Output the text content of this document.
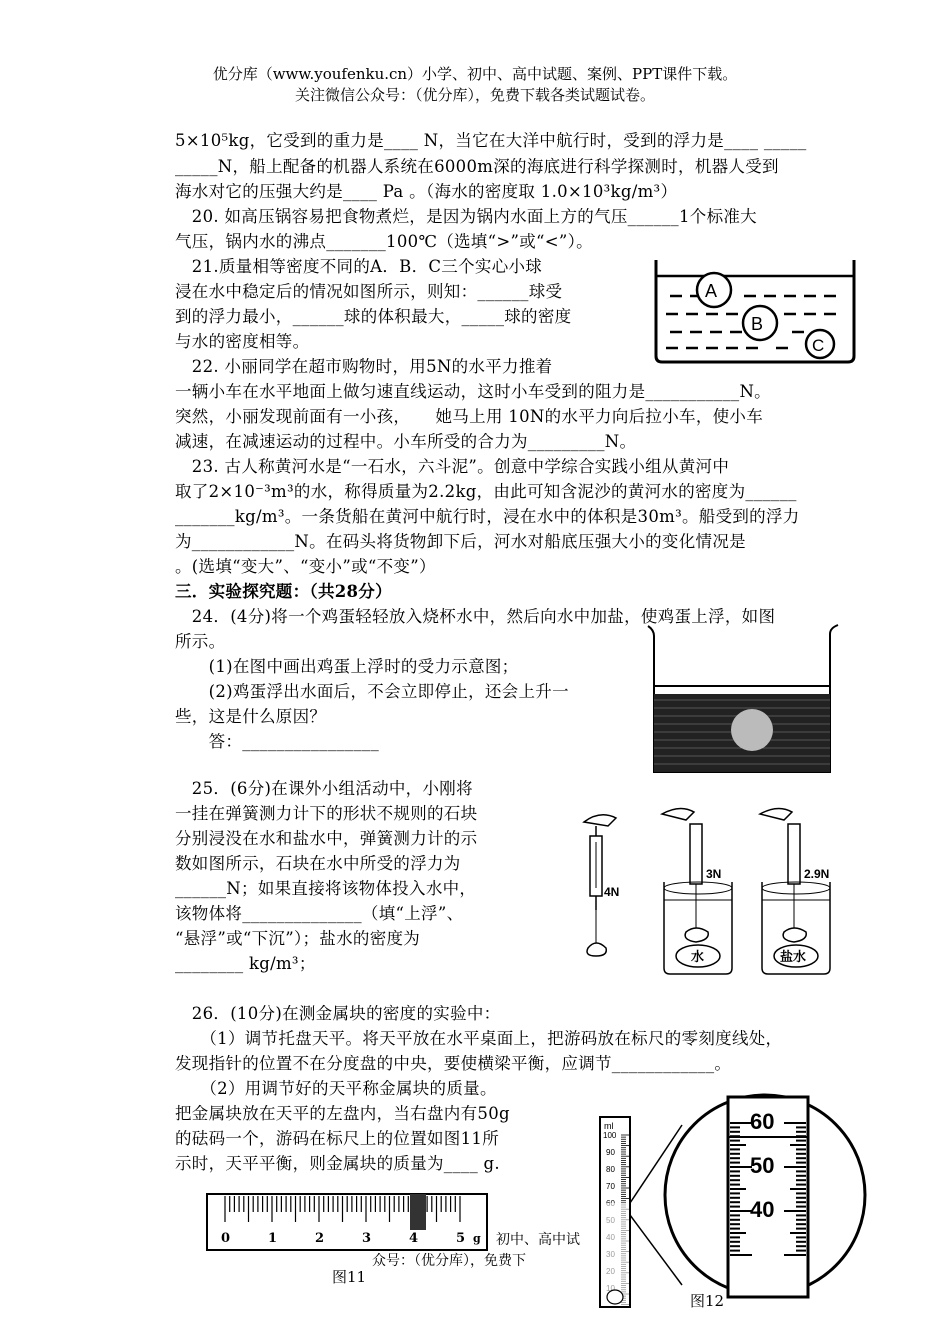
优分库（www.youfenku.cn）小学、初中、高中试题、案例、PPT课件下载。
关注微信公众号：（优分库），免费下载各类试题试卷。
5×10⁵kg，它受到的重力是____ N，当它在大洋中航行时，受到的浮力是____ _____
_____N，船上配备的机器人系统在6000m深的海底进行科学探测时，机器人受到
海水对它的压强大约是____ Pa 。（海水的密度取 1.0×10³kg/m³）
　20. 如高压锅容易把食物煮烂，是因为锅内水面上方的气压______1个标准大
气压，锅内水的沸点_______100℃（选填“>”或“<”）。
　21.质量相等密度不同的A．B．C三个实心小球
浸在水中稳定后的情况如图所示，则知：______球受
到的浮力最小，______球的体积最大，_____球的密度
与水的密度相等。
　22. 小丽同学在超市购物时，用5N的水平力推着
一辆小车在水平地面上做匀速直线运动，这时小车受到的阻力是___________N。
突然，小丽发现前面有一小孩，　　她马上用 10N的水平力向后拉小车，使小车
减速，在减速运动的过程中。小车所受的合力为_________N。
　23. 古人称黄河水是“一石水，六斗泥”。创意中学综合实践小组从黄河中
取了2×10⁻³m³的水，称得质量为2.2kg，由此可知含泥沙的黄河水的密度为______
_______kg/m³。一条货船在黄河中航行时，浸在水中的体积是30m³。船受到的浮力
为____________N。在码头将货物卸下后，河水对船底压强大小的变化情况是
。(选填“变大”、“变小”或“不变”）
三．实验探究题：（共28分）
　24．(4分)将一个鸡蛋轻轻放入烧杯水中，然后向水中加盐，使鸡蛋上浮，如图
所示。
　　(1)在图中画出鸡蛋上浮时的受力示意图；
　　(2)鸡蛋浮出水面后，不会立即停止，还会上升一
些，这是什么原因？
　　答：________________
　25．(6分)在课外小组活动中，小刚将
一挂在弹簧测力计下的形状不规则的石块
分别浸没在水和盐水中，弹簧测力计的示
数如图所示，石块在水中所受的浮力为
______N；如果直接将该物体投入水中，
该物体将______________（填“上浮”、
“悬浮”或“下沉”）；盐水的密度为
________ kg/m³；
　26．(10分)在测金属块的密度的实验中：
　　（1）调节托盘天平。将天平放在水平桌面上，把游码放在标尺的零刻度线处，
发现指针的位置不在分度盘的中央，要使横梁平衡，应调节____________。
　　（2）用调节好的天平称金属块的质量。
把金属块放在天平的左盘内，当右盘内有50g
的砝码一个，游码在标尺上的位置如图11所
示时，天平平衡，则金属块的质量为____ g.
A
B
C
4N
3N
水
2.9N
盐水
0	1	2	3	4	5 g 初中、高中试
众号：（优分库），免费下
图11
ml
100
90
80
70
60
50
40
图12
